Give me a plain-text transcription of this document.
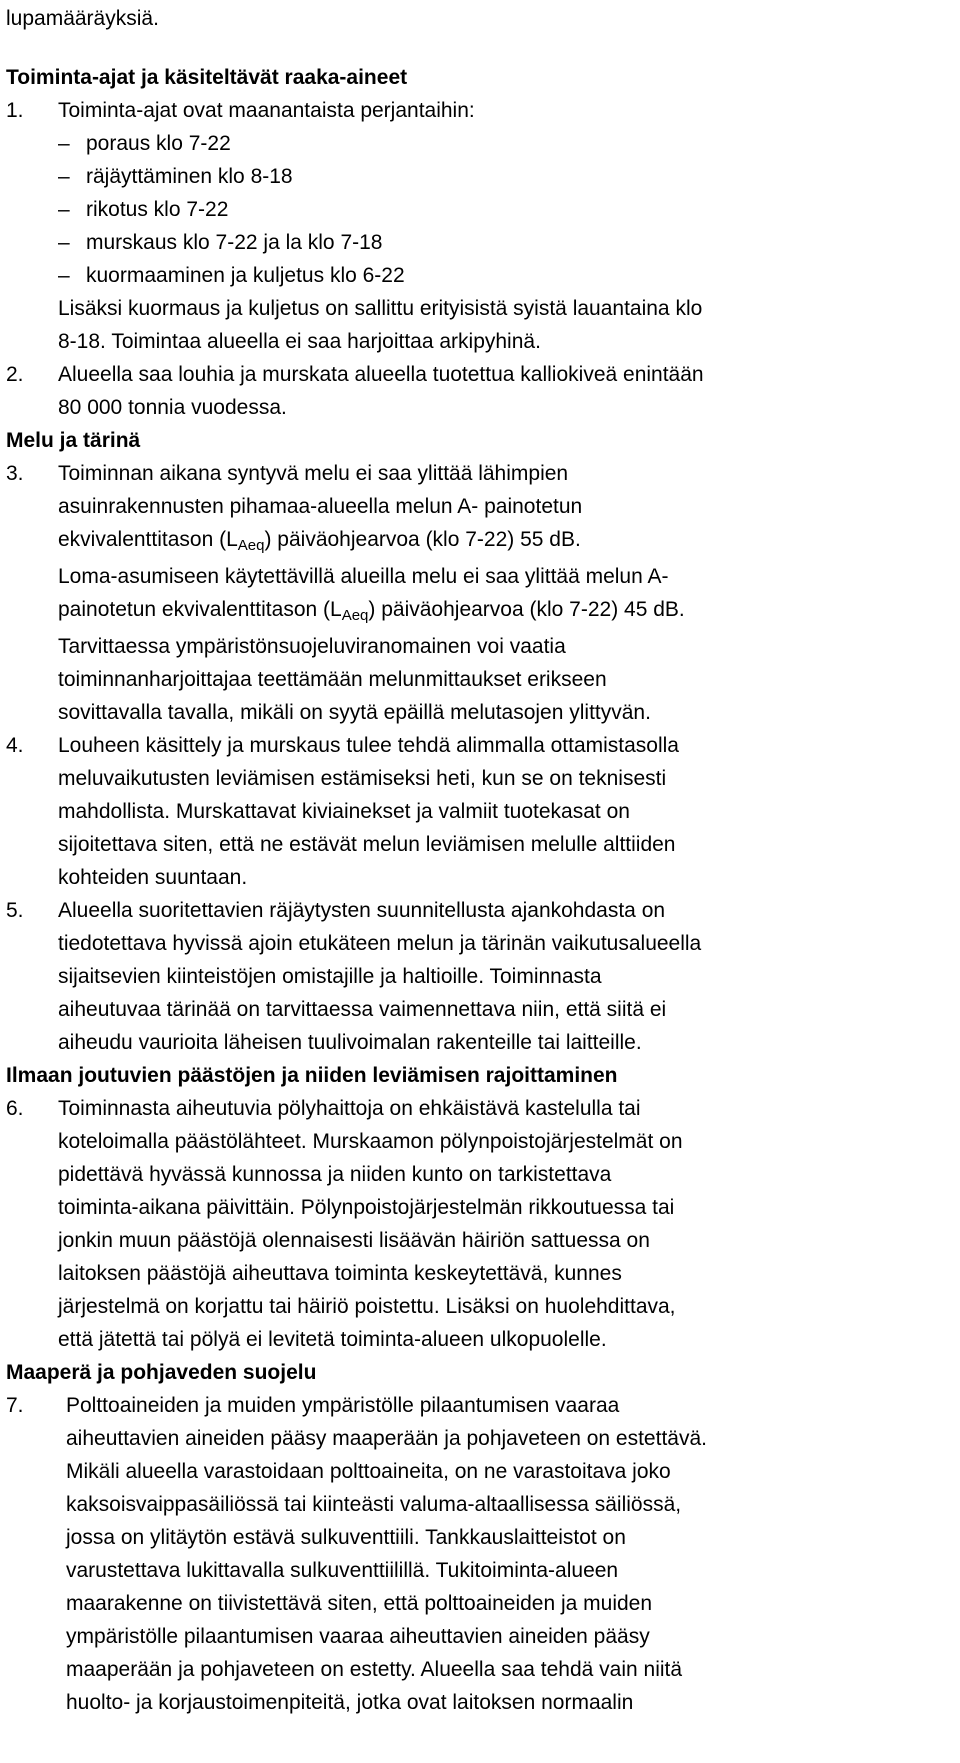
lupamääräyksiä.
Toiminta-ajat ja käsiteltävät raaka-aineet
1.	Toiminta-ajat ovat maanantaista perjantaihin:
– poraus klo 7-22
– räjäyttäminen klo 8-18
– rikotus klo 7-22
– murskaus klo 7-22 ja la klo 7-18
– kuormaaminen ja kuljetus klo 6-22
Lisäksi kuormaus ja kuljetus on sallittu erityisistä syistä lauantaina klo
8-18. Toimintaa alueella ei saa harjoittaa arkipyhinä.
2.	Alueella saa louhia ja murskata alueella tuotettua kalliokiveä enintään
80 000 tonnia vuodessa.
Melu ja tärinä
3.	Toiminnan aikana syntyvä melu ei saa ylittää lähimpien
asuinrakennusten pihamaa-alueella melun A- painotetun
ekvivalenttitason $(L_{Aeq})$ päiväohjearvoa (klo 7-22) 55 dB.
Loma-asumiseen käytettävillä alueilla melu ei saa ylittää melun A-
painotetun ekvivalenttitason $(L_{Aeq})$ päiväohjearvoa (klo 7-22) 45 dB.
Tarvittaessa ympäristönsuojeluviranomainen voi vaatia
toiminnanharjoittajaa teettämään melunmittaukset erikseen
sovittavalla tavalla, mikäli on syytä epäillä melutasojen ylittyvän.
4.	Louheen käsittely ja murskaus tulee tehdä alimmalla ottamistasolla
meluvaikutusten leviämisen estämiseksi heti, kun se on teknisesti
mahdollista. Murskattavat kiviainekset ja valmiit tuotekasat on
sijoitettava siten, että ne estävät melun leviämisen melulle alttiiden
kohteiden suuntaan.
5.	Alueella suoritettavien räjäytysten suunnitellusta ajankohdasta on
tiedotettava hyvissä ajoin etukäteen melun ja tärinän vaikutusalueella
sijaitsevien kiinteistöjen omistajille ja haltioille. Toiminnasta
aiheutuvaa tärinää on tarvittaessa vaimennettava niin, että siitä ei
aiheudu vaurioita läheisen tuulivoimalan rakenteille tai laitteille.
Ilmaan joutuvien päästöjen ja niiden leviämisen rajoittaminen
6.	Toiminnasta aiheutuvia pölyhaittoja on ehkäistävä kastelulla tai
koteloimalla päästölähteet. Murskaamon pölynpoistojärjestelmät on
pidettävä hyvässä kunnossa ja niiden kunto on tarkistettava
toiminta-aikana päivittäin. Pölynpoistojärjestelmän rikkoutuessa tai
jonkin muun päästöjä olennaisesti lisäävän häiriön sattuessa on
laitoksen päästöjä aiheuttava toiminta keskeytettävä, kunnes
järjestelmä on korjattu tai häiriö poistettu. Lisäksi on huolehdittava,
että jätettä tai pölyä ei levitetä toiminta-alueen ulkopuolelle.
Maaperä ja pohjaveden suojelu
7.	Polttoaineiden ja muiden ympäristölle pilaantumisen vaaraa
aiheuttavien aineiden pääsy maaperään ja pohjaveteen on estettävä.
Mikäli alueella varastoidaan polttoaineita, on ne varastoitava joko
kaksoisvaippasäiliössä tai kiinteästi valuma-altaallisessa säiliössä,
jossa on ylitäytön estävä sulkuventtiili. Tankkauslaitteistot on
varustettava lukittavalla sulkuventtiilillä. Tukitoiminta-alueen
maarakenne on tiivistettävä siten, että polttoaineiden ja muiden
ympäristölle pilaantumisen vaaraa aiheuttavien aineiden pääsy
maaperään ja pohjaveteen on estetty. Alueella saa tehdä vain niitä
huolto- ja korjaustoimenpiteitä, jotka ovat laitoksen normaalin
